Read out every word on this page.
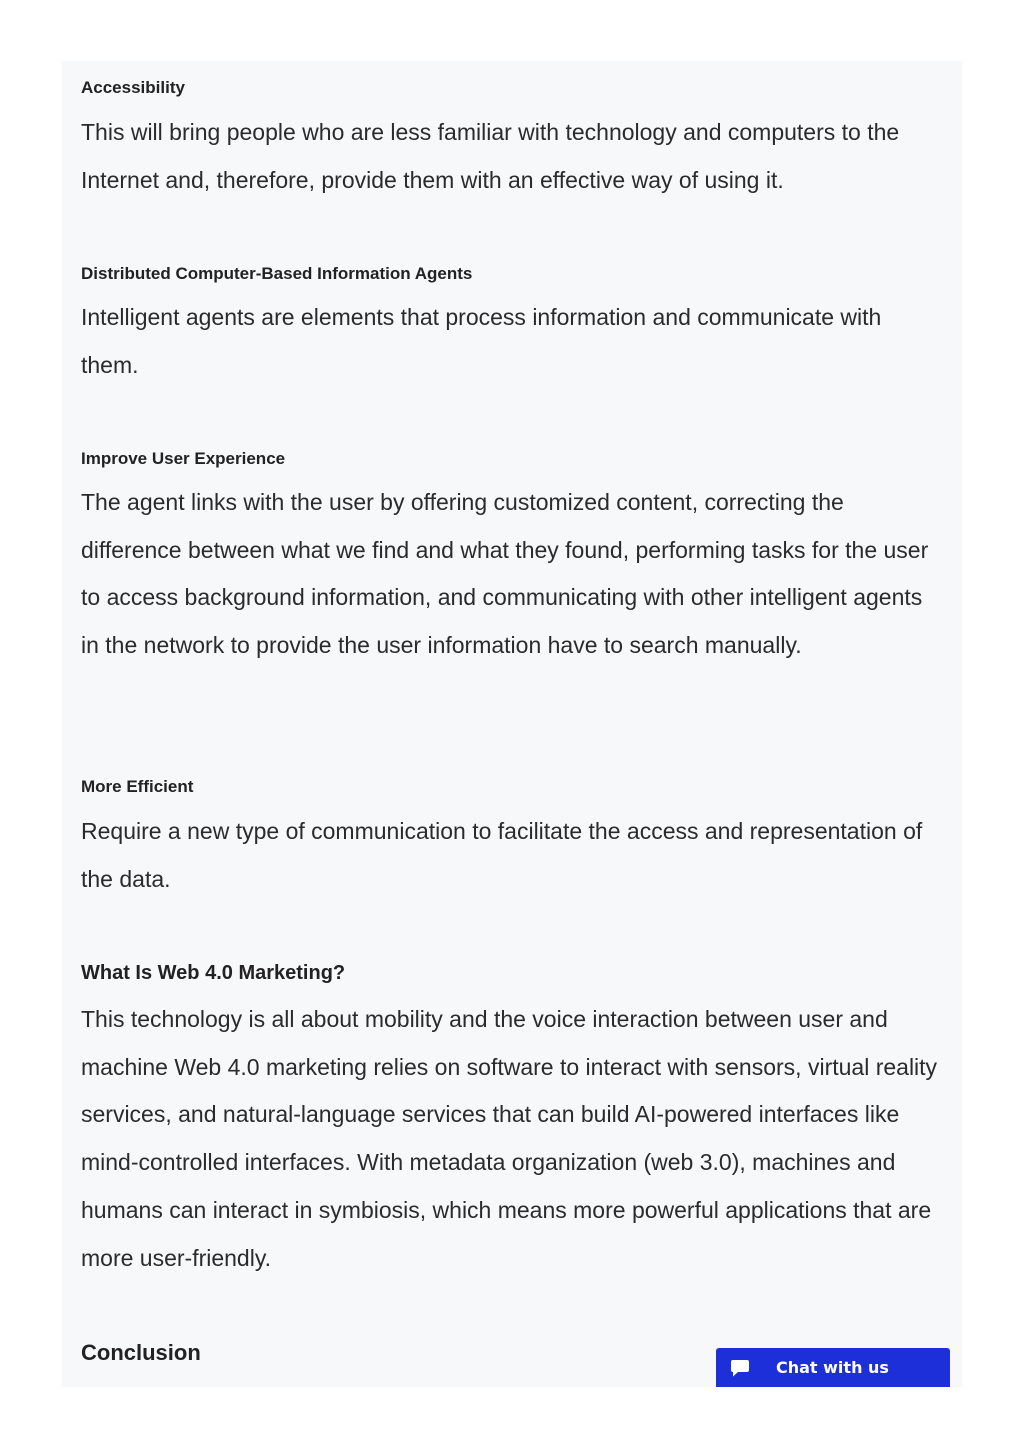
Accessibility

This will bring people who are less familiar with technology and computers to the Internet and, therefore, provide them with an effective way of using it.

Distributed Computer-Based Information Agents

Intelligent agents are elements that process information and communicate with them.

Improve User Experience

The agent links with the user by offering customized content, correcting the difference between what we find and what they found, performing tasks for the user to access background information, and communicating with other intelligent agents in the network to provide the user information have to search manually.

More Efficient

Require a new type of communication to facilitate the access and representation of the data.

What Is Web 4.0 Marketing?

This technology is all about mobility and the voice interaction between user and machine Web 4.0 marketing relies on software to interact with sensors, virtual reality services, and natural-language services that can build AI-powered interfaces like mind-controlled interfaces. With metadata organization (web 3.0), machines and humans can interact in symbiosis, which means more powerful applications that are more user-friendly.

Conclusion
Chat with us
